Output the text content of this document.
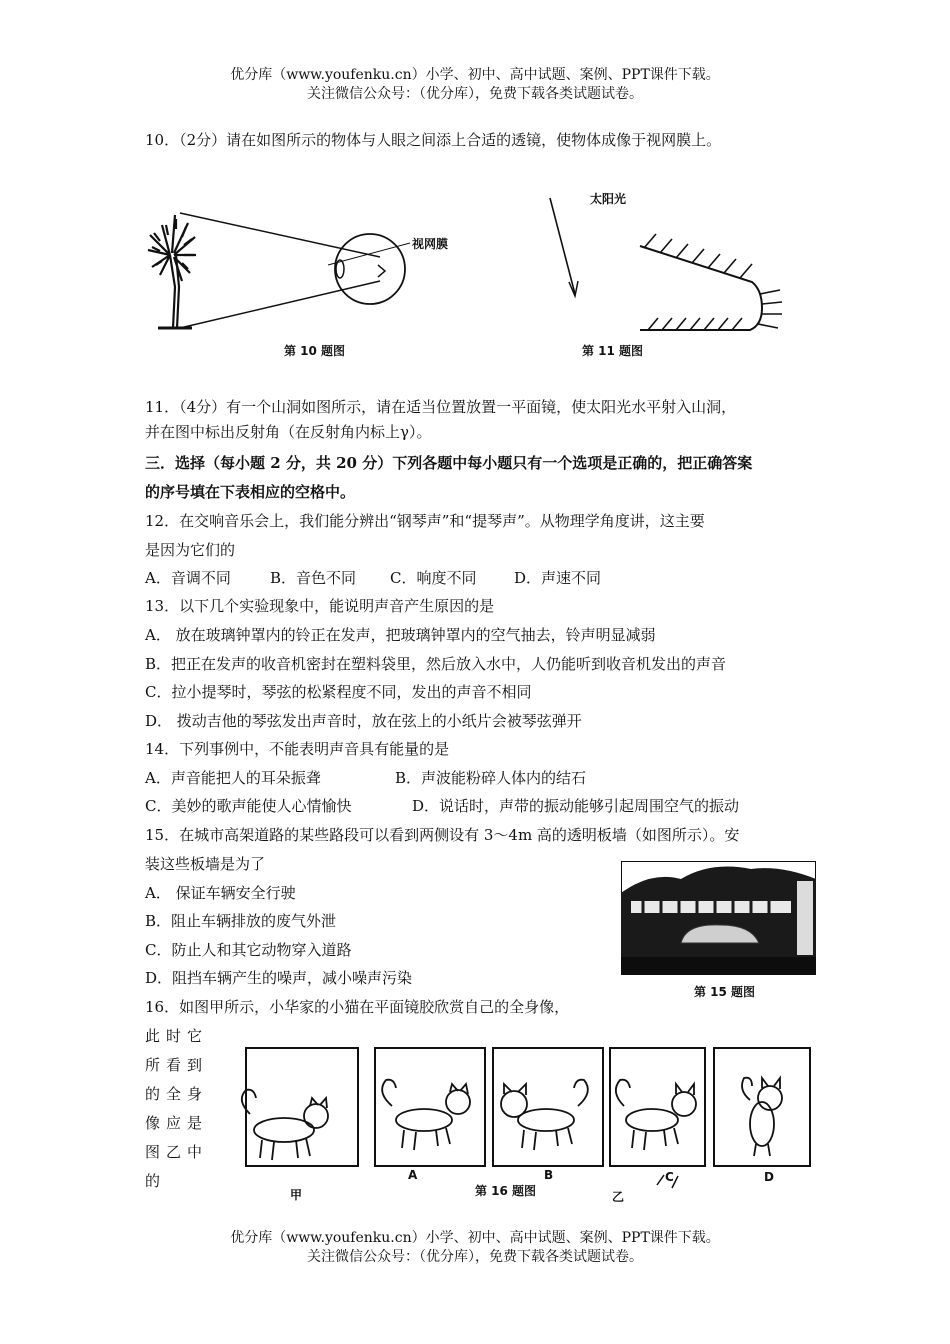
优分库（www.youfenku.cn）小学、初中、高中试题、案例、PPT课件下载。
关注微信公众号：（优分库），免费下载各类试题试卷。
10．（2分）请在如图所示的物体与人眼之间添上合适的透镜，使物体成像于视网膜上。
视网膜
第 10 题图
太阳光
第 11 题图
11．（4分）有一个山洞如图所示，请在适当位置放置一平面镜，使太阳光水平射入山洞，
并在图中标出反射角（在反射角内标上γ）。
三．选择（每小题 2 分，共 20 分）下列各题中每小题只有一个选项是正确的，把正确答案
的序号填在下表相应的空格中。
12．在交响音乐会上，我们能分辨出“钢琴声”和“提琴声”。从物理学角度讲，这主要
是因为它们的
A．音调不同	B．音色不同 C．响度不同	D．声速不同
13．以下几个实验现象中，能说明声音产生原因的是
A． 放在玻璃钟罩内的铃正在发声，把玻璃钟罩内的空气抽去，铃声明显减弱
B．把正在发声的收音机密封在塑料袋里，然后放入水中，人仍能听到收音机发出的声音
C．拉小提琴时，琴弦的松紧程度不同，发出的声音不相同
D． 拨动吉他的琴弦发出声音时，放在弦上的小纸片会被琴弦弹开
14．下列事例中，不能表明声音具有能量的是
A．声音能把人的耳朵振聋	B．声波能粉碎人体内的结石
C．美妙的歌声能使人心情愉快	D．说话时，声带的振动能够引起周围空气的振动
15．在城市高架道路的某些路段可以看到两侧设有 3～4m 高的透明板墙（如图所示）。安
装这些板墙是为了
A． 保证车辆安全行驶
B．阻止车辆排放的废气外泄
C．防止人和其它动物穿入道路
D．阻挡车辆产生的噪声，减小噪声污染
第 15 题图
16．如图甲所示，小华家的小猫在平面镜胶欣赏自己的全身像，
此时它
所看到
的全身
像应是
图乙中
的	A	B	C	D
甲	第 16 题图	乙
优分库（www.youfenku.cn）小学、初中、高中试题、案例、PPT课件下载。
关注微信公众号：（优分库），免费下载各类试题试卷。
